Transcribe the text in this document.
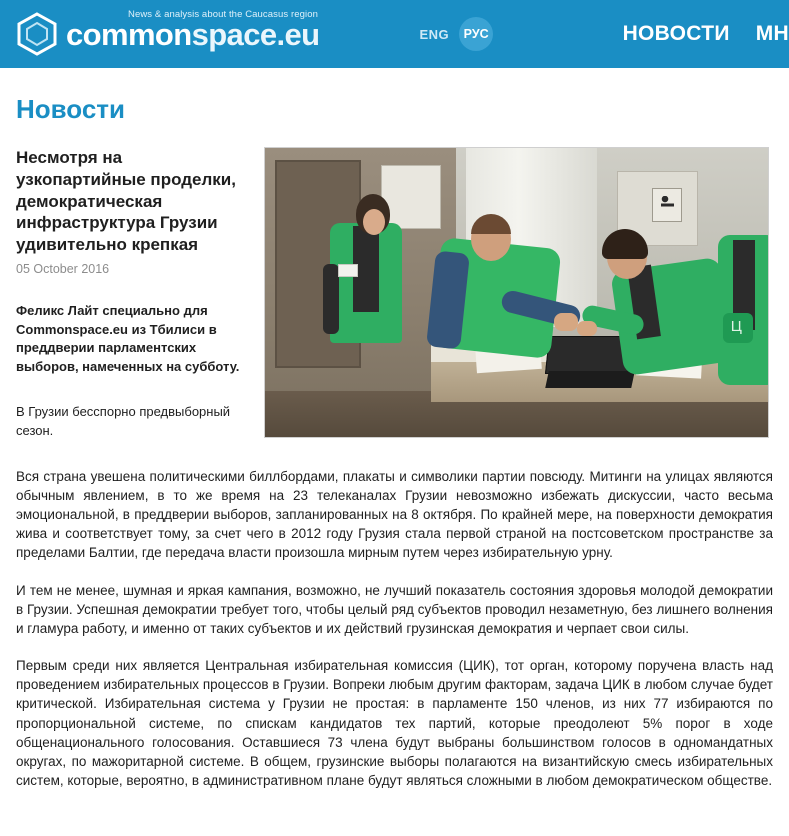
News & analysis about the Caucasus region
commonspace.eu	ENG	РУС	НОВОСТИ МН
Новости
Несмотря на узкопартийные проделки, демократическая инфраструктура Грузии удивительно крепкая
05 October 2016
Феликс Лайт специально для Commonspace.eu из Тбилиси в преддверии парламентских выборов, намеченных на субботу.
В Грузии бесспорно предвыборный сезон.
Ц

Вся страна увешена политическими биллбордами, плакаты и символики партии повсюду. Митинги на улицах являются обычным явлением, в то же время на 23 телеканалах Грузии невозможно избежать дискуссии, часто весьма эмоциональной, в преддверии выборов, запланированных на 8 октября. По крайней мере, на поверхности демократия жива и соответствует тому, за счет чего в 2012 году Грузия стала первой страной на постсоветском пространстве за пределами Балтии, где передача власти произошла мирным путем через избирательную урну.

И тем не менее, шумная и яркая кампания, возможно, не лучший показатель состояния здоровья молодой демократии в Грузии. Успешная демократии требует того, чтобы целый ряд субъектов проводил незаметную, без лишнего волнения и гламура работу, и именно от таких субъектов и их действий грузинская демократия и черпает свои силы.

Первым среди них является Центральная избирательная комиссия (ЦИК), тот орган, которому поручена власть над проведением избирательных процессов в Грузии. Вопреки любым другим факторам, задача ЦИК в любом случае будет критической. Избирательная система у Грузии не простая: в парламенте 150 членов, из них 77 избираются по пропорциональной системе, по спискам кандидатов тех партий, которые преодолеют 5% порог в ходе общенационального голосования. Оставшиеся 73 члена будут выбраны большинством голосов в одномандатных округах, по мажоритарной системе. В общем, грузинские выборы полагаются на византийскую смесь избирательных систем, которые, вероятно, в административном плане будут являться сложными в любом демократическом обществе.
